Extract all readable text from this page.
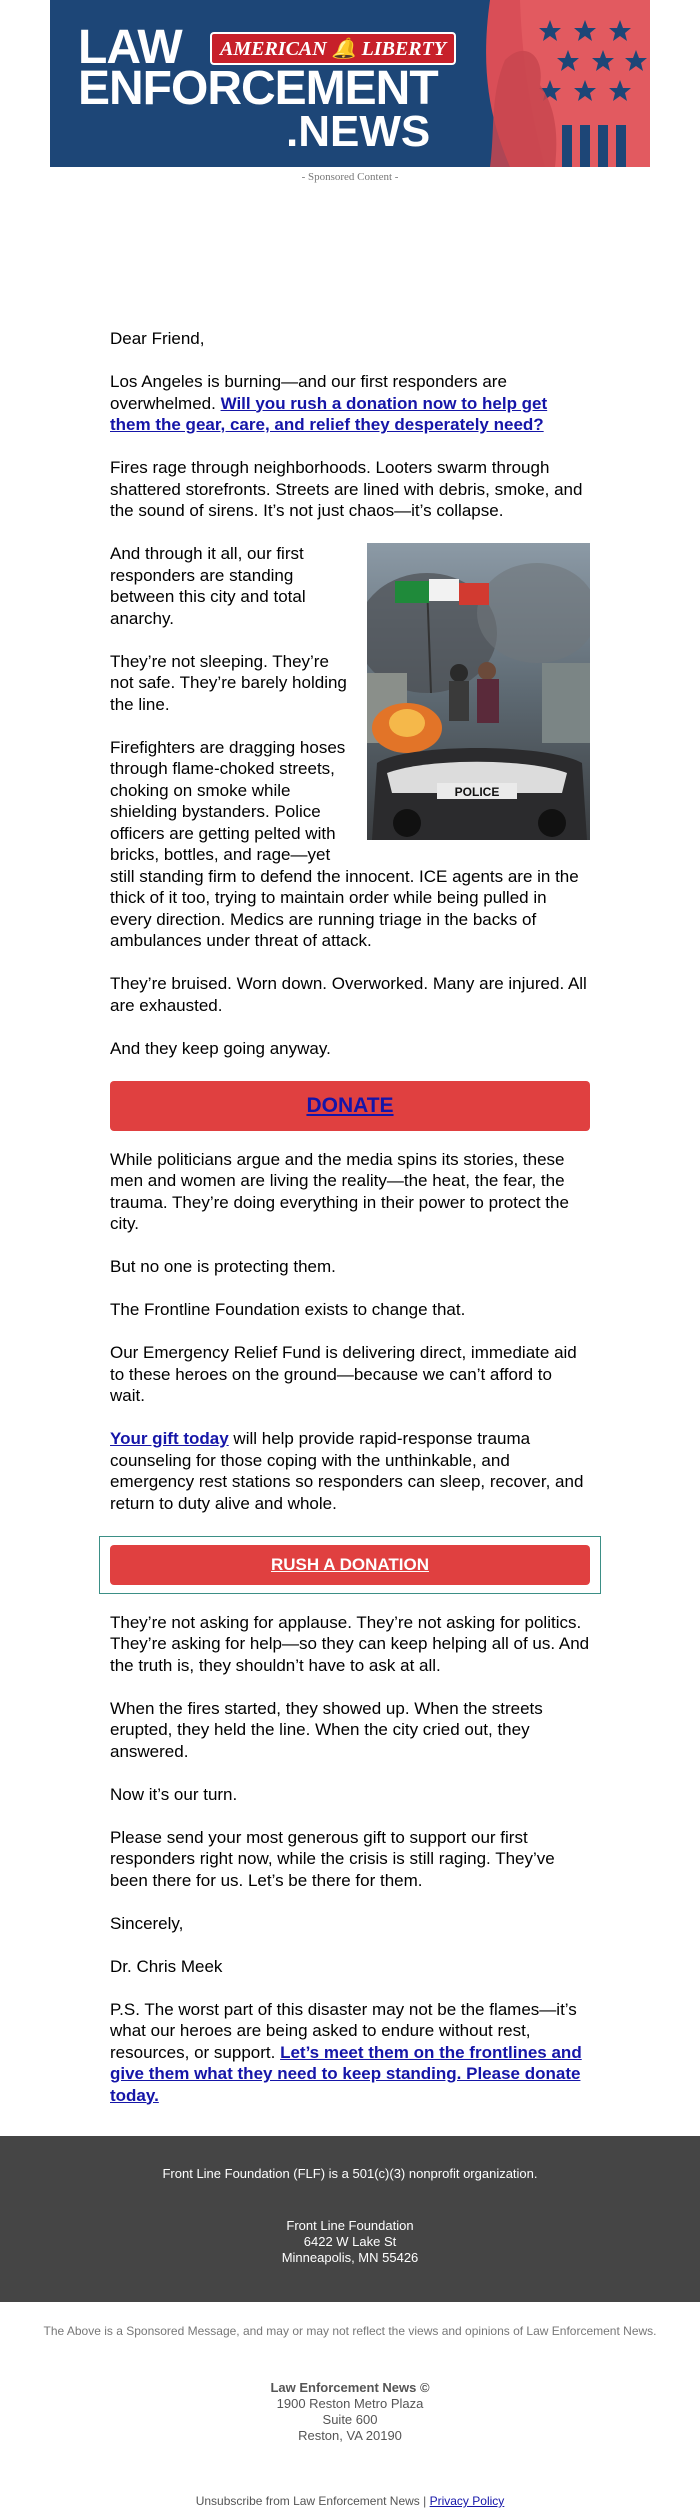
AMERICAN 🔔 LIBERTY
LAW
ENFORCEMENT
.NEWS
- Sponsored Content -

Dear Friend,

Los Angeles is burning—and our first responders are overwhelmed. Will you rush a donation now to help get them the gear, care, and relief they desperately need?

Fires rage through neighborhoods. Looters swarm through shattered storefronts. Streets are lined with debris, smoke, and the sound of sirens. It’s not just chaos—it’s collapse.

POLICE

And through it all, our first responders are standing between this city and total anarchy.

They’re not sleeping. They’re not safe. They’re barely holding the line.

Firefighters are dragging hoses through flame-choked streets, choking on smoke while shielding bystanders. Police officers are getting pelted with bricks, bottles, and rage—yet still standing firm to defend the innocent. ICE agents are in the thick of it too, trying to maintain order while being pulled in every direction. Medics are running triage in the backs of ambulances under threat of attack.

They’re bruised. Worn down. Overworked. Many are injured. All are exhausted.

And they keep going anyway.

DONATE

While politicians argue and the media spins its stories, these men and women are living the reality—the heat, the fear, the trauma. They’re doing everything in their power to protect the city.

But no one is protecting them.

The Frontline Foundation exists to change that.

Our Emergency Relief Fund is delivering direct, immediate aid to these heroes on the ground—because we can’t afford to wait.

Your gift today will help provide rapid-response trauma counseling for those coping with the unthinkable, and emergency rest stations so responders can sleep, recover, and return to duty alive and whole.

RUSH A DONATION

They’re not asking for applause. They’re not asking for politics. They’re asking for help—so they can keep helping all of us. And the truth is, they shouldn’t have to ask at all.

When the fires started, they showed up. When the streets erupted, they held the line. When the city cried out, they answered.

Now it’s our turn.

Please send your most generous gift to support our first responders right now, while the crisis is still raging. They’ve been there for us. Let’s be there for them.

Sincerely,

Dr. Chris Meek

P.S. The worst part of this disaster may not be the flames—it’s what our heroes are being asked to endure without rest, resources, or support. Let’s meet them on the frontlines and give them what they need to keep standing. Please donate today.

Front Line Foundation (FLF) is a 501(c)(3) nonprofit organization.
Front Line Foundation
6422 W Lake St
Minneapolis, MN 55426
The Above is a Sponsored Message, and may or may not reflect the views and opinions of Law Enforcement News.
Law Enforcement News ©
1900 Reston Metro Plaza
Suite 600
Reston, VA 20190
Unsubscribe from Law Enforcement News | Privacy Policy
